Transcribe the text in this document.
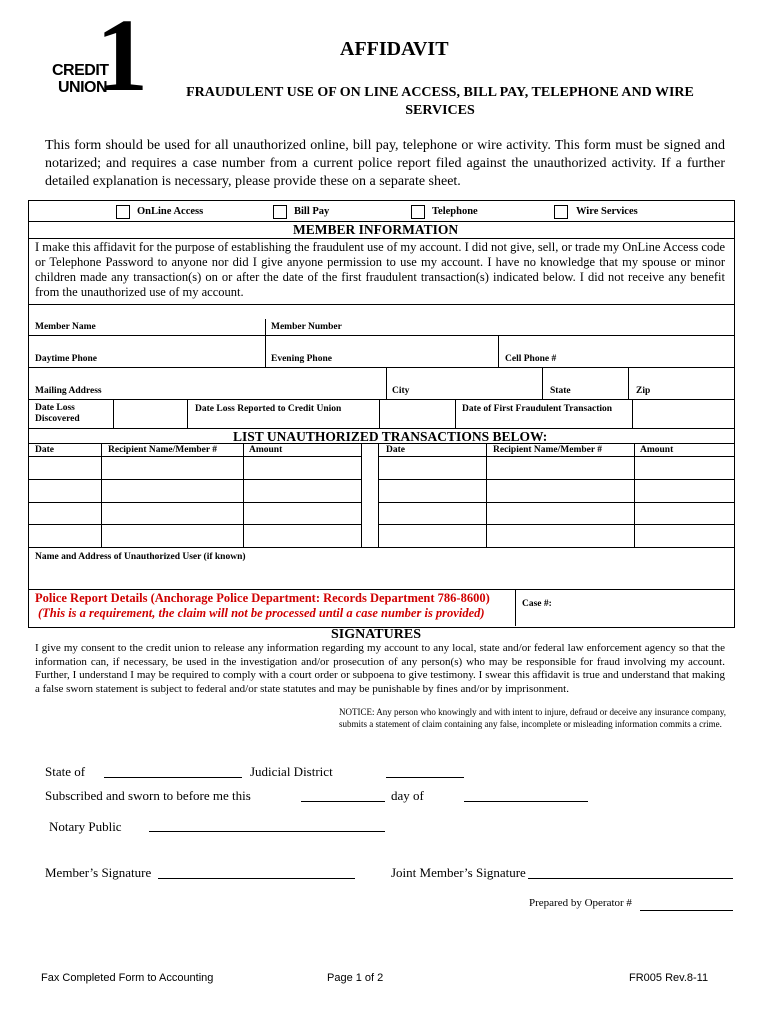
CREDIT
UNION
1	AFFIDAVIT
FRAUDULENT USE OF ON LINE ACCESS, BILL PAY, TELEPHONE AND WIRE SERVICES
This form should be used for all unauthorized online, bill pay, telephone or wire activity. This form must be signed and notarized; and requires a case number from a current police report filed against the unauthorized activity. If a further detailed explanation is necessary, please provide these on a separate sheet.
OnLine Access	Bill Pay	Telephone	Wire Services
MEMBER INFORMATION
I make this affidavit for the purpose of establishing the fraudulent use of my account. I did not give, sell, or trade my OnLine Access code or Telephone Password to anyone nor did I give anyone permission to use my account. I have no knowledge that my spouse or minor children made any transaction(s) on or after the date of the first fraudulent transaction(s) indicated below. I did not receive any benefit from the unauthorized use of my account.
Member Name	Member Number
Daytime Phone	Evening Phone	Cell Phone #
Mailing Address	City	State	Zip
Date Loss Discovered
Date Loss Reported to Credit Union	Date of First Fraudulent Transaction
LIST UNAUTHORIZED TRANSACTIONS BELOW:
Date	Recipient Name/Member #	Amount	Date	Recipient Name/Member #	Amount
Name and Address of Unauthorized User (if known)
Police Report Details (Anchorage Police Department: Records Department 786-8600)
(This is a requirement, the claim will not be processed until a case number is provided)
Case #:
SIGNATURES
I give my consent to the credit union to release any information regarding my account to any local, state and/or federal law enforcement agency so that the information can, if necessary, be used in the investigation and/or prosecution of any person(s) who may be responsible for fraud involving my account. Further, I understand I may be required to comply with a court order or subpoena to give testimony. I swear this affidavit is true and understand that making a false sworn statement is subject to federal and/or state statutes and may be punishable by fines and/or by imprisonment.
NOTICE: Any person who knowingly and with intent to injure, defraud or deceive any insurance company, submits a statement of claim containing any false, incomplete or misleading information commits a crime.
State of	Judicial District
Subscribed and sworn to before me this	day of
Notary Public
Member’s Signature	Joint Member’s Signature
Prepared by Operator #
Fax Completed Form to Accounting	Page 1 of 2	FR005 Rev.8-11
